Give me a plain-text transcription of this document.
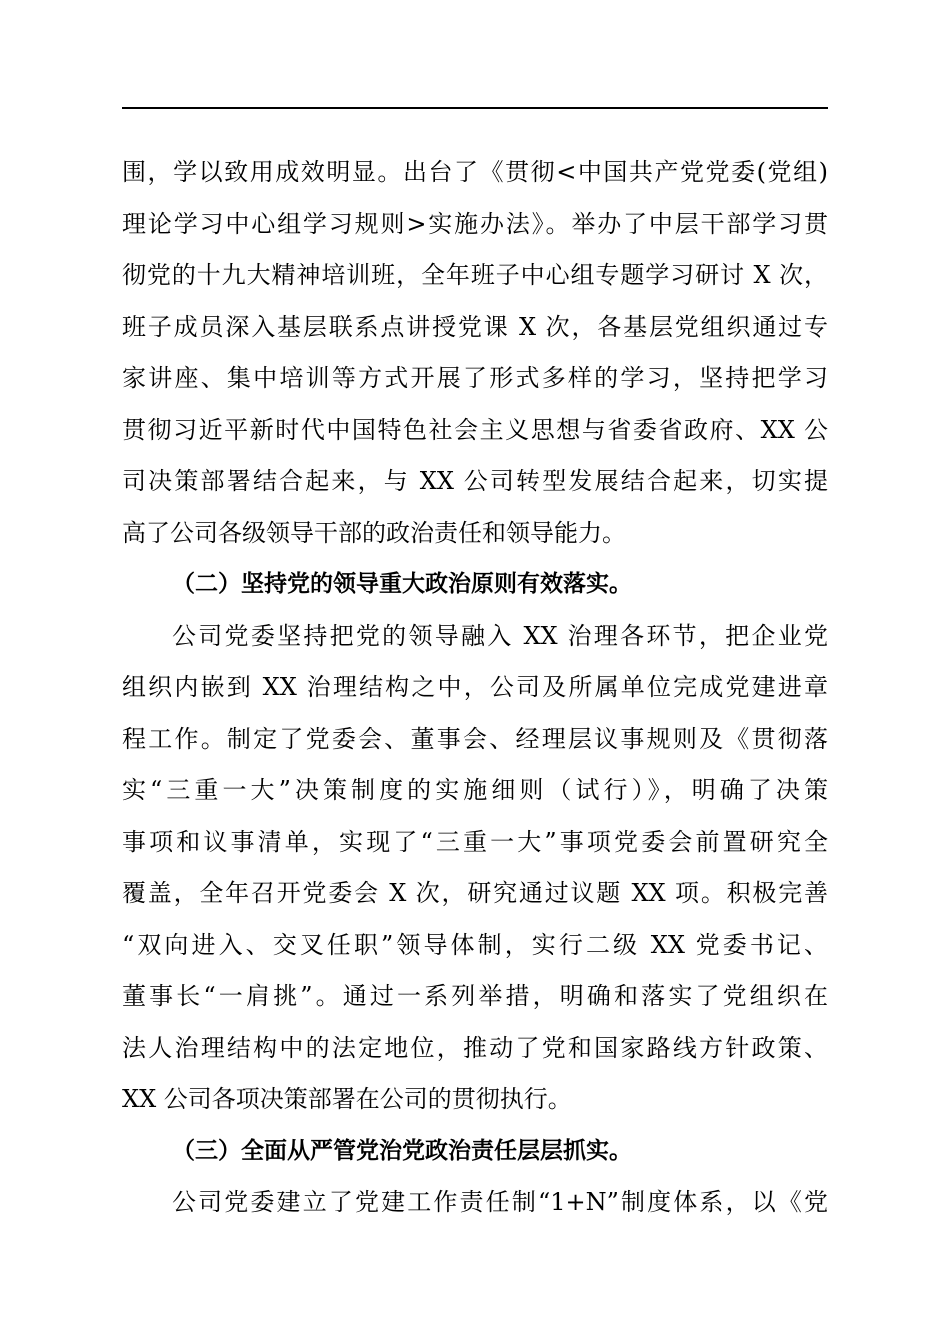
围，学以致用成效明显。出台了《贯彻<中国共产党党委(党组)
理论学习中心组学习规则>实施办法》。举办了中层干部学习贯
彻党的十九大精神培训班，全年班子中心组专题学习研讨 X 次，
班子成员深入基层联系点讲授党课 X 次，各基层党组织通过专
家讲座、集中培训等方式开展了形式多样的学习，坚持把学习
贯彻习近平新时代中国特色社会主义思想与省委省政府、XX 公
司决策部署结合起来，与 XX 公司转型发展结合起来，切实提
高了公司各级领导干部的政治责任和领导能力。
（二）坚持党的领导重大政治原则有效落实。
公司党委坚持把党的领导融入 XX 治理各环节，把企业党
组织内嵌到 XX 治理结构之中，公司及所属单位完成党建进章
程工作。制定了党委会、董事会、经理层议事规则及《贯彻落
实“三重一大”决策制度的实施细则（试行）》，明确了决策
事项和议事清单，实现了“三重一大”事项党委会前置研究全
覆盖，全年召开党委会 X 次，研究通过议题 XX 项。积极完善
“双向进入、交叉任职”领导体制，实行二级 XX 党委书记、
董事长“一肩挑”。通过一系列举措，明确和落实了党组织在
法人治理结构中的法定地位，推动了党和国家路线方针政策、
XX 公司各项决策部署在公司的贯彻执行。
（三）全面从严管党治党政治责任层层抓实。
公司党委建立了党建工作责任制“1+N”制度体系，以《党
